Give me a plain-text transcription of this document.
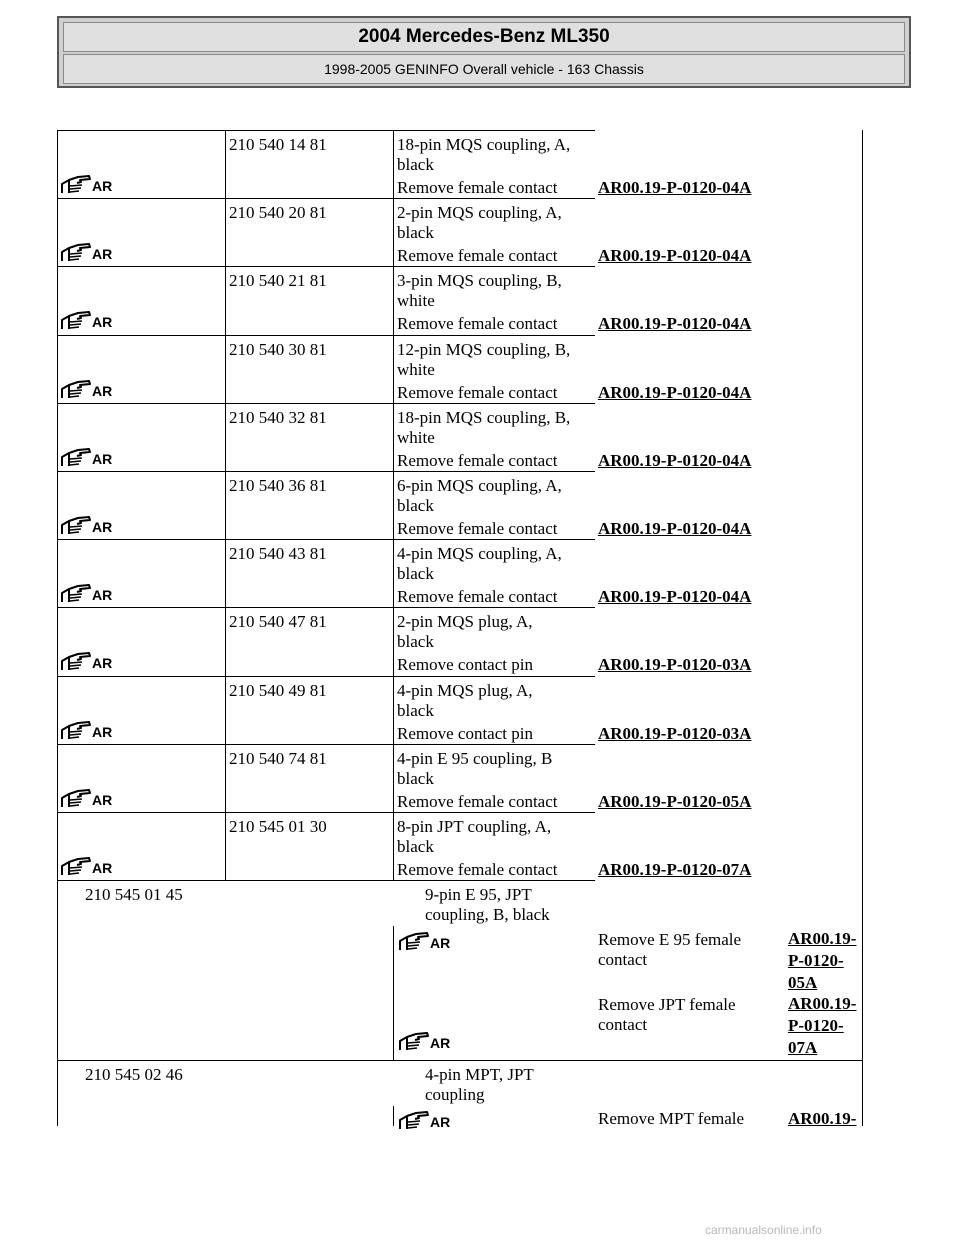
2004 Mercedes-Benz ML350
1998-2005 GENINFO Overall vehicle - 163 Chassis
210 540 14 81	18-pin MQS coupling, A,
black
Remove female contact AR00.19-P-0120-04A
AR
210 540 20 81	2-pin MQS coupling, A,
black
Remove female contact AR00.19-P-0120-04A
AR
210 540 21 81	3-pin MQS coupling, B,
white
Remove female contact AR00.19-P-0120-04A
AR
210 540 30 81	12-pin MQS coupling, B,
white
Remove female contact AR00.19-P-0120-04A
AR
210 540 32 81	18-pin MQS coupling, B,
white
Remove female contact AR00.19-P-0120-04A
AR
210 540 36 81	6-pin MQS coupling, A,
black
Remove female contact AR00.19-P-0120-04A
AR
210 540 43 81	4-pin MQS coupling, A,
black
Remove female contact AR00.19-P-0120-04A
AR
210 540 47 81	2-pin MQS plug, A,
black
Remove contact pin	AR00.19-P-0120-03A
AR
210 540 49 81	4-pin MQS plug, A,
black
Remove contact pin	AR00.19-P-0120-03A
AR
210 540 74 81	4-pin E 95 coupling, B
black
Remove female contact AR00.19-P-0120-05A
AR
210 545 01 30	8-pin JPT coupling, A,
black
Remove female contact AR00.19-P-0120-07A
AR
210 545 01 45	9-pin E 95, JPT
coupling, B, black
AR	Remove E 95 female
contact
AR00.19-
P-0120-
05A
AR
Remove JPT female
contact
AR00.19-
P-0120-
07A
210 545 02 46	4-pin MPT, JPT
coupling
AR	Remove MPT female	AR00.19-
carmanualsonline.info
